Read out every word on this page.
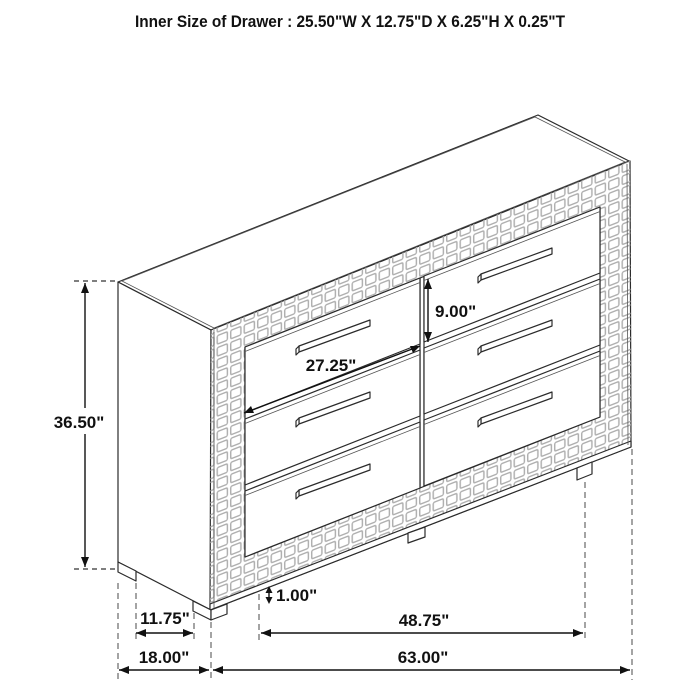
36.50"
9.00"
27.25"
1.00"
11.75"	48.75"
18.00"	63.00"
Inner Size of Drawer : 25.50"W X 12.75"D X 6.25"H X 0.25"T
